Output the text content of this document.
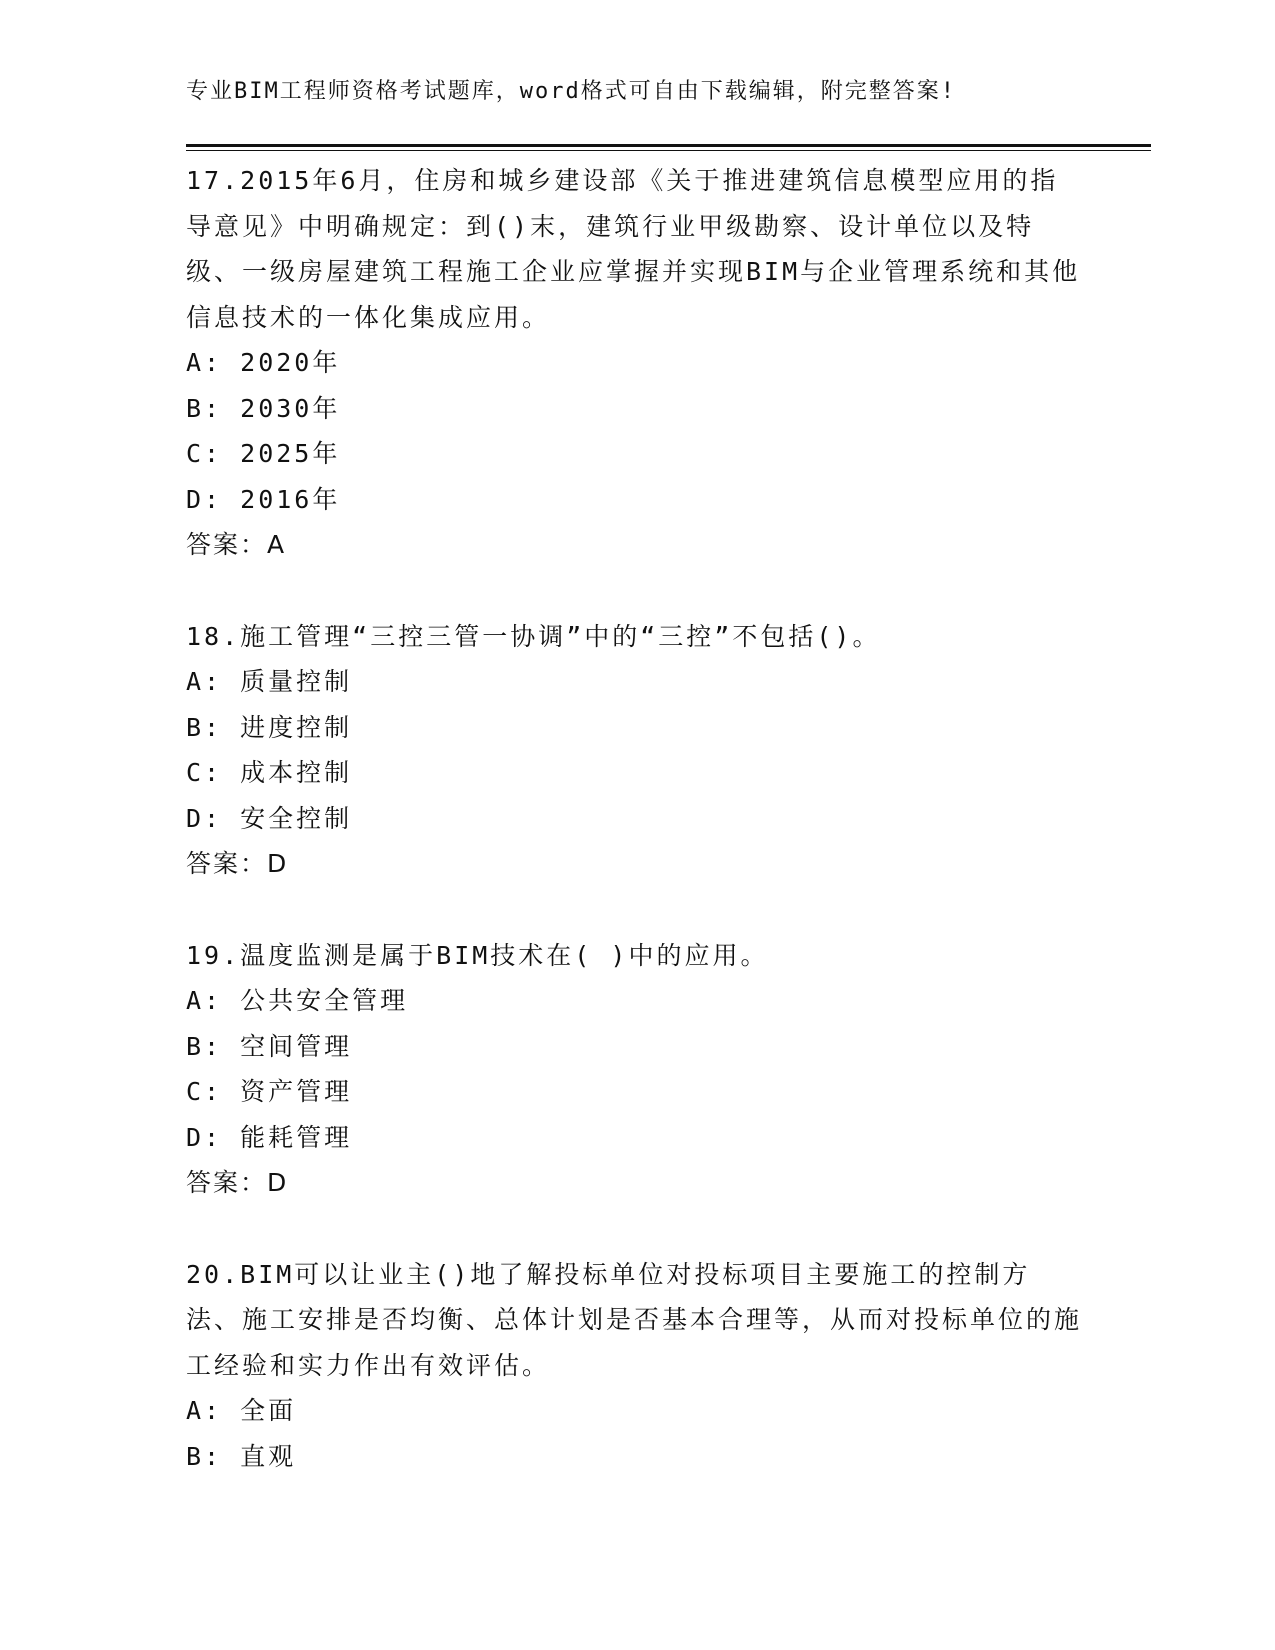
专业BIM工程师资格考试题库，word格式可自由下载编辑，附完整答案!
17.2015年6月，住房和城乡建设部《关于推进建筑信息模型应用的指导意见》中明确规定：到()末，建筑行业甲级勘察、设计单位以及特级、一级房屋建筑工程施工企业应掌握并实现BIM与企业管理系统和其他信息技术的一体化集成应用。
A: 2020年
B: 2030年
C: 2025年
D: 2016年
答案：A
18.施工管理“三控三管一协调”中的“三控”不包括()。
A: 质量控制
B: 进度控制
C: 成本控制
D: 安全控制
答案：D
19.温度监测是属于BIM技术在( )中的应用。
A: 公共安全管理
B: 空间管理
C: 资产管理
D: 能耗管理
答案：D
20.BIM可以让业主()地了解投标单位对投标项目主要施工的控制方法、施工安排是否均衡、总体计划是否基本合理等，从而对投标单位的施工经验和实力作出有效评估。
A: 全面
B: 直观
